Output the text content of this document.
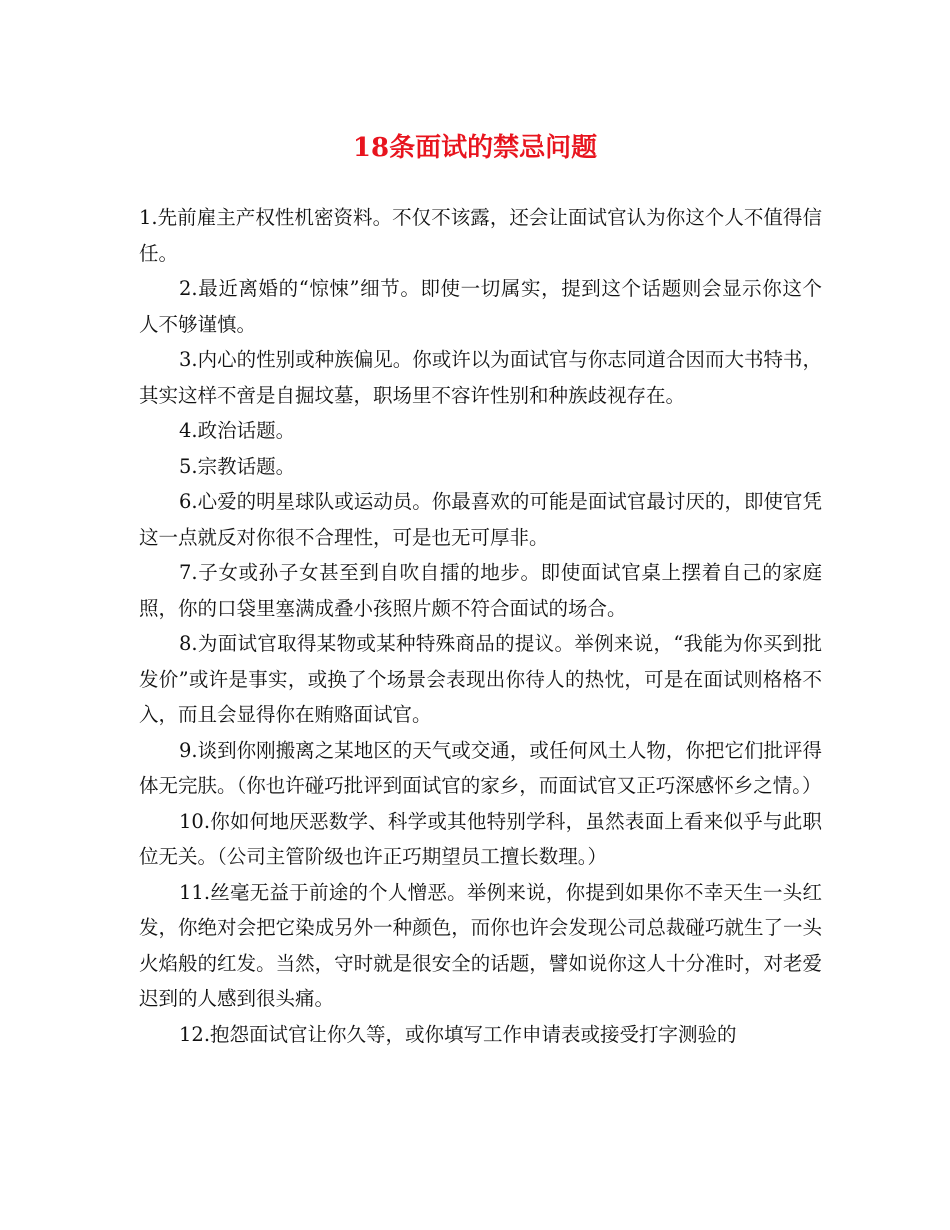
18条面试的禁忌问题

1.先前雇主产权性机密资料。不仅不该露，还会让面试官认为你这个人不值得信任。

2.最近离婚的“惊悚”细节。即使一切属实，提到这个话题则会显示你这个人不够谨慎。

3.内心的性别或种族偏见。你或许以为面试官与你志同道合因而大书特书，其实这样不啻是自掘坟墓，职场里不容许性别和种族歧视存在。

4.政治话题。

5.宗教话题。

6.心爱的明星球队或运动员。你最喜欢的可能是面试官最讨厌的，即使官凭这一点就反对你很不合理性，可是也无可厚非。

7.子女或孙子女甚至到自吹自擂的地步。即使面试官桌上摆着自己的家庭照，你的口袋里塞满成叠小孩照片颇不符合面试的场合。

8.为面试官取得某物或某种特殊商品的提议。举例来说，“我能为你买到批发价”或许是事实，或换了个场景会表现出你待人的热忱，可是在面试则格格不入，而且会显得你在贿赂面试官。

9.谈到你刚搬离之某地区的天气或交通，或任何风土人物，你把它们批评得体无完肤。（你也许碰巧批评到面试官的家乡，而面试官又正巧深感怀乡之情。）

10.你如何地厌恶数学、科学或其他特别学科，虽然表面上看来似乎与此职位无关。（公司主管阶级也许正巧期望员工擅长数理。）

11.丝毫无益于前途的个人憎恶。举例来说，你提到如果你不幸天生一头红发，你绝对会把它染成另外一种颜色，而你也许会发现公司总裁碰巧就生了一头火焰般的红发。当然，守时就是很安全的话题，譬如说你这人十分准时，对老爱迟到的人感到很头痛。

12.抱怨面试官让你久等，或你填写工作申请表或接受打字测验的
